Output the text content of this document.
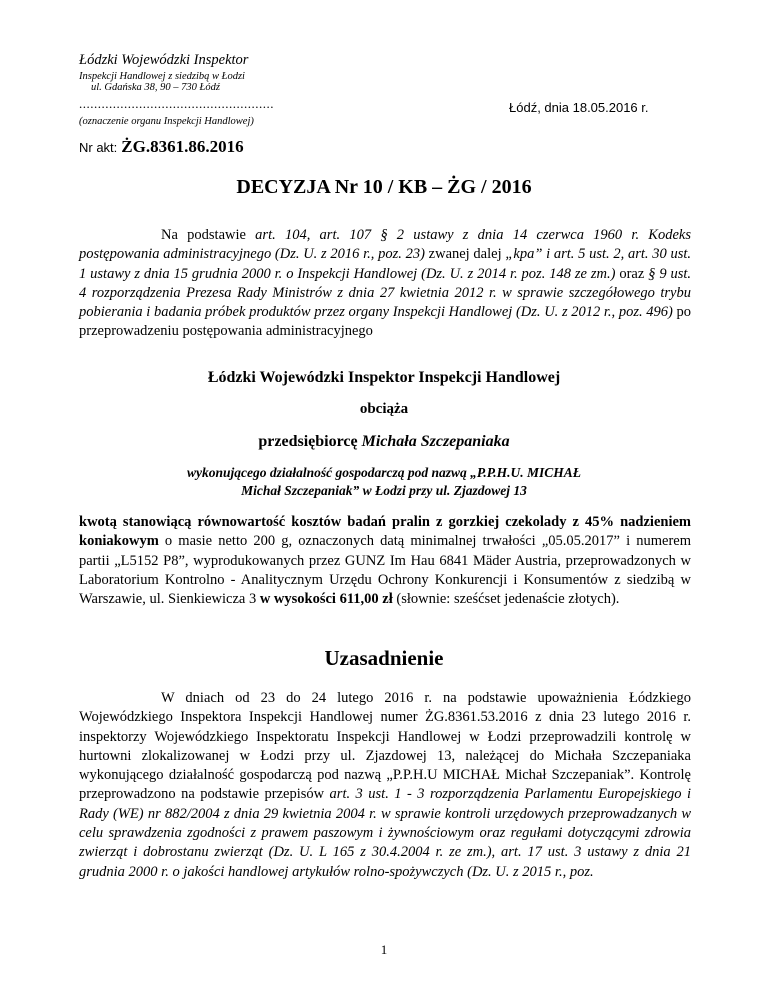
Łódzki Wojewódzki Inspektor
Inspekcji Handlowej z siedzibą w Łodzi
ul. Gdańska 38, 90 – 730 Łódź
....................................................
(oznaczenie organu Inspekcji Handlowej)
Łódź, dnia 18.05.2016 r.
Nr akt: ŻG.8361.86.2016
DECYZJA Nr 10 / KB – ŻG / 2016
Na podstawie art. 104, art. 107 § 2 ustawy z dnia 14 czerwca 1960 r. Kodeks postępowania administracyjnego (Dz. U. z 2016 r., poz. 23) zwanej dalej „kpa” i art. 5 ust. 2, art. 30 ust. 1 ustawy z dnia 15 grudnia 2000 r. o Inspekcji Handlowej (Dz. U. z 2014 r. poz. 148 ze zm.) oraz § 9 ust. 4 rozporządzenia Prezesa Rady Ministrów z dnia 27 kwietnia 2012 r. w sprawie szczegółowego trybu pobierania i badania próbek produktów przez organy Inspekcji Handlowej (Dz. U. z 2012 r., poz. 496) po przeprowadzeniu postępowania administracyjnego
Łódzki Wojewódzki Inspektor Inspekcji Handlowej
obciąża
przedsiębiorcę Michała Szczepaniaka
wykonującego działalność gospodarczą pod nazwą „P.P.H.U. MICHAŁ
Michał Szczepaniak” w Łodzi przy ul. Zjazdowej 13
kwotą stanowiącą równowartość kosztów badań pralin z gorzkiej czekolady z 45% nadzieniem koniakowym o masie netto 200 g, oznaczonych datą minimalnej trwałości „05.05.2017” i numerem partii „L5152 P8”, wyprodukowanych przez GUNZ Im Hau 6841 Mäder Austria, przeprowadzonych w Laboratorium Kontrolno - Analitycznym Urzędu Ochrony Konkurencji i Konsumentów z siedzibą w Warszawie, ul. Sienkiewicza 3 w wysokości 611,00 zł (słownie: sześćset jedenaście złotych).
Uzasadnienie
W dniach od 23 do 24 lutego 2016 r. na podstawie upoważnienia Łódzkiego Wojewódzkiego Inspektora Inspekcji Handlowej numer ŻG.8361.53.2016 z dnia 23 lutego 2016 r. inspektorzy Wojewódzkiego Inspektoratu Inspekcji Handlowej w Łodzi przeprowadzili kontrolę w hurtowni zlokalizowanej w Łodzi przy ul. Zjazdowej 13, należącej do Michała Szczepaniaka wykonującego działalność gospodarczą pod nazwą „P.P.H.U MICHAŁ Michał Szczepaniak”. Kontrolę przeprowadzono na podstawie przepisów art. 3 ust. 1 - 3 rozporządzenia Parlamentu Europejskiego i Rady (WE) nr 882/2004 z dnia 29 kwietnia 2004 r. w sprawie kontroli urzędowych przeprowadzanych w celu sprawdzenia zgodności z prawem paszowym i żywnościowym oraz regułami dotyczącymi zdrowia zwierząt i dobrostanu zwierząt (Dz. U. L 165 z 30.4.2004 r. ze zm.), art. 17 ust. 3 ustawy z dnia 21 grudnia 2000 r. o jakości handlowej artykułów rolno-spożywczych (Dz. U. z 2015 r., poz.
1
